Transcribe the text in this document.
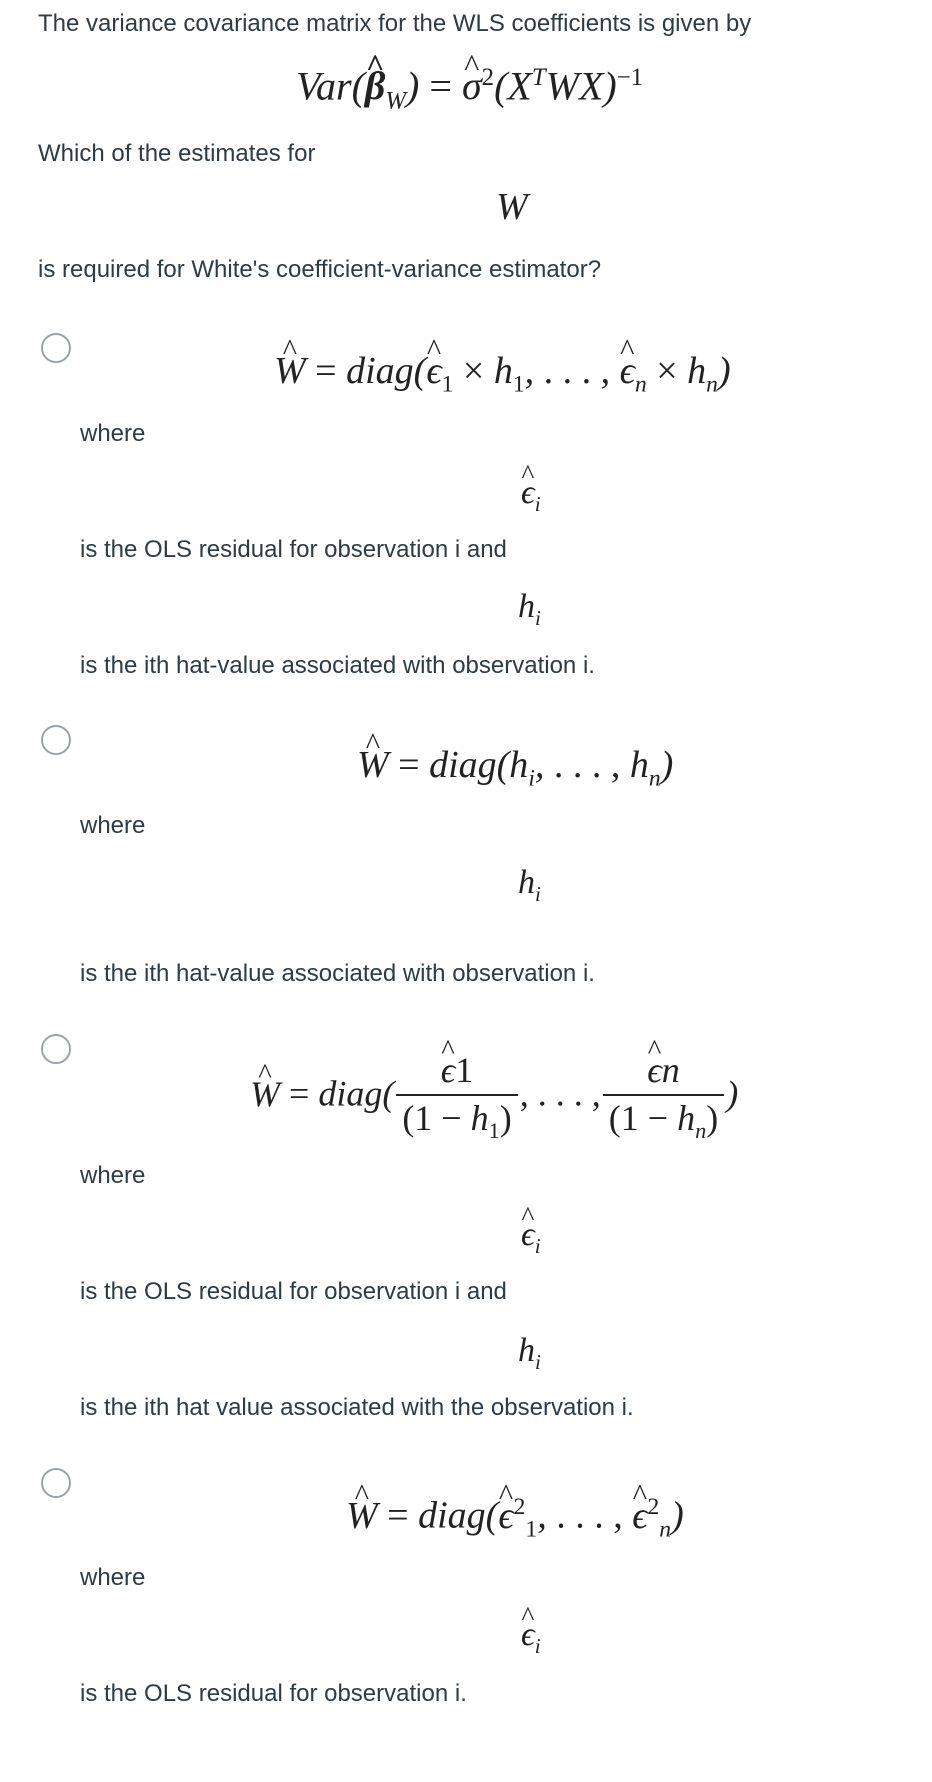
The variance covariance matrix for the WLS coefficients is given by
Var(^ $\beta_W$) = ^ $\sigma^2(X^TWX)^{-1}$
Which of the estimates for
W
is required for White's coefficient-variance estimator?
^ W = diag(^ $\epsilon_1 \times h_1$, . . . , ^ $\epsilon_n \times h_n$)
where
^ $\epsilon_i$
is the OLS residual for observation i and
$h_i$
is the ith hat-value associated with observation i.
^ $W = diag(h_i$, . . . , $h_n$)
where
$h_i$
is the ith hat-value associated with observation i.
^ W = diag( ^ $\frac{\epsilon 1}{(1 - h_1)}$ , . . . , ^ $\frac{\epsilon n}{(1 - h_n)}$ )
where
^ $\epsilon_i$
is the OLS residual for observation i and
$h_i$
is the ith hat value associated with the observation i.
^ W = diag(^ $\epsilon^2_1$, . . . , ^ $\epsilon^2_n$)
where
^ $\epsilon_i$
is the OLS residual for observation i.
